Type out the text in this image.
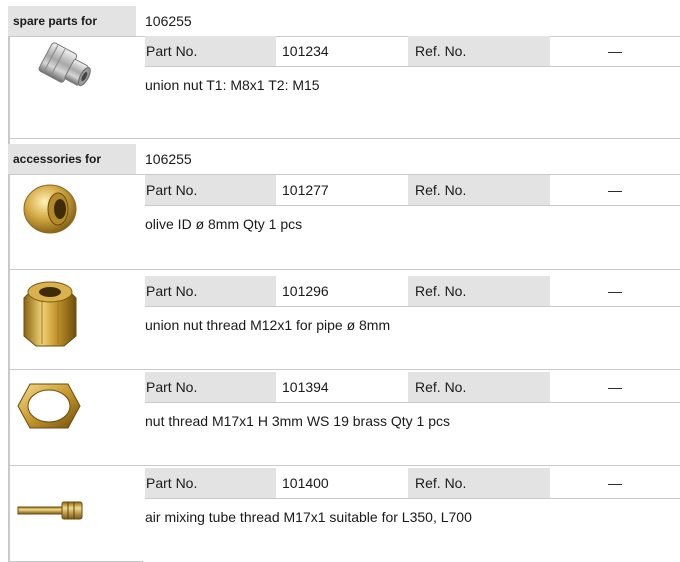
spare parts for	106255
Part No.	101234	Ref. No.	—
union nut T1: M8x1 T2: M15
accessories for	106255
Part No.	101277	Ref. No.	—
olive ID ø 8mm Qty 1 pcs
Part No.	101296	Ref. No.	—
union nut thread M12x1 for pipe ø 8mm
Part No.	101394	Ref. No.	—
nut thread M17x1 H 3mm WS 19 brass Qty 1 pcs
Part No.	101400	Ref. No.	—
air mixing tube thread M17x1 suitable for L350, L700
